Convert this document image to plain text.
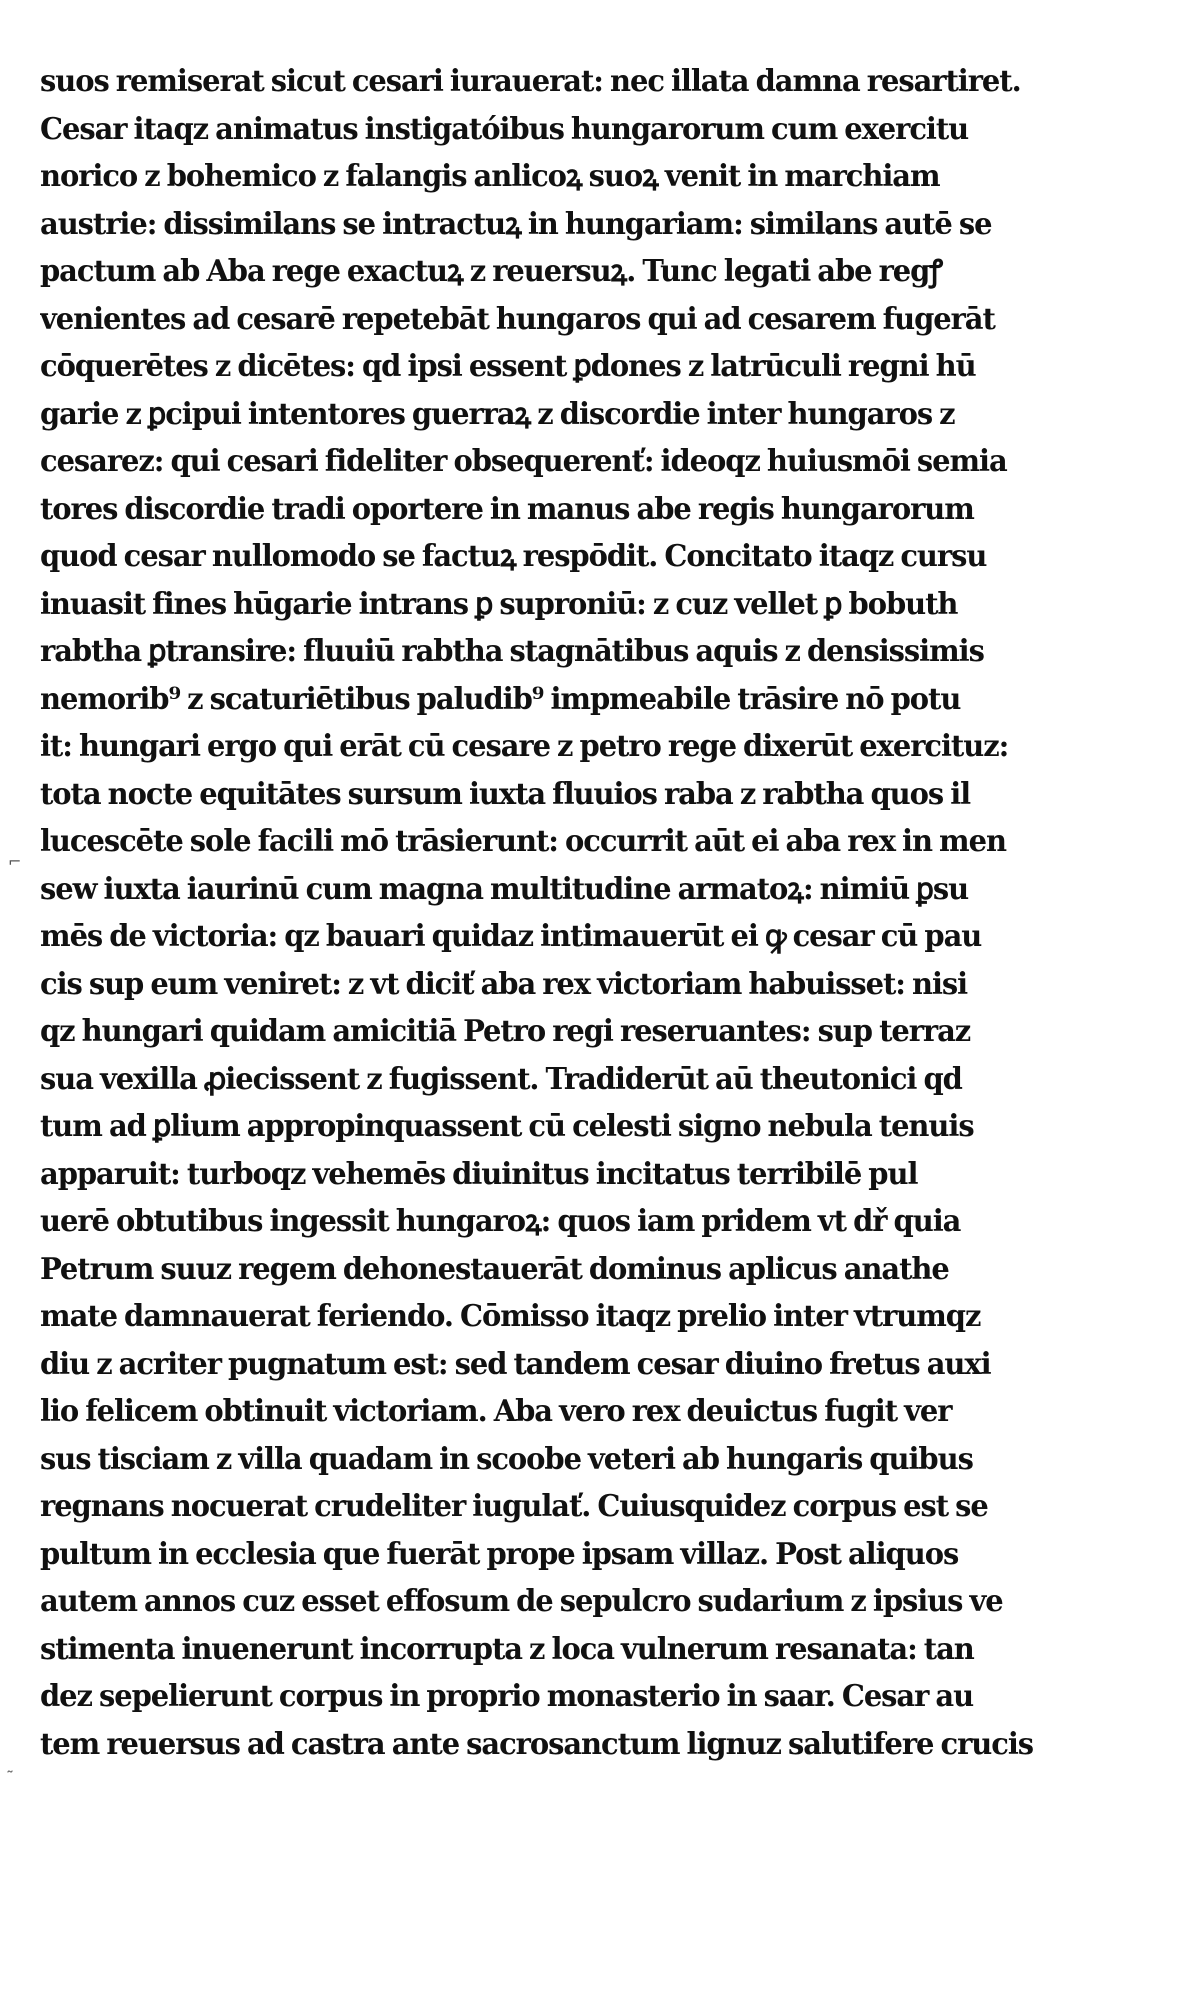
suos remiserat sicut cesari iurauerat: nec illata damna resartiret.
Cesar itaqz animatus instigatóibus hungarorum cum exercitu
norico z bohemico z falangis anlicoꝝ suoꝝ venit in marchiam
austrie: dissimilans se intractuꝝ in hungariam: similans autē se
pactum ab Aba rege exactuꝝ z reuersuꝝ. Tunc legati abe regꝭ
venientes ad cesarē repetebāt hungaros qui ad cesarem fugerāt
cōquerētes z dicētes: qd ipsi essent ꝑdones z latrūculi regni hū
garie z ꝑcipui intentores guerraꝝ z discordie inter hungaros z
cesarez: qui cesari fideliter obsequerenť: ideoqz huiusmōi semia
tores discordie tradi oportere in manus abe regis hungarorum
quod cesar nullomodo se factuꝝ respōdit. Concitato itaqz cursu
inuasit fines hūgarie intrans ꝑ suproniū: z cuz vellet ꝑ bobuth
rabtha ꝑtransire: fluuiū rabtha stagnātibus aquis z densissimis
nemorib⁹ z scaturiētibus paludib⁹ impmeabile trāsire nō potu
it: hungari ergo qui erāt cū cesare z petro rege dixerūt exercituz:
tota nocte equitātes sursum iuxta fluuios raba z rabtha quos il
lucescēte sole facili mō trāsierunt: occurrit aūt ei aba rex in men
sew iuxta iaurinū cum magna multitudine armatoꝝ: nimiū ꝑsu
mēs de victoria: qz bauari quidaz intimauerūt ei ꝙ cesar cū pau
cis sup eum veniret: z vt diciť aba rex victoriam habuisset: nisi
qz hungari quidam amicitiā Petro regi reseruantes: sup terraz
sua vexilla ꝓiecissent z fugissent. Tradiderūt aū theutonici qd
tum ad ꝑlium appropinquassent cū celesti signo nebula tenuis
apparuit: turboqz vehemēs diuinitus incitatus terribilē pul
uerē obtutibus ingessit hungaroꝝ: quos iam pridem vt dř quia
Petrum suuz regem dehonestauerāt dominus aplicus anathe
mate damnauerat feriendo. Cōmisso itaqz prelio inter vtrumqz
diu z acriter pugnatum est: sed tandem cesar diuino fretus auxi
lio felicem obtinuit victoriam. Aba vero rex deuictus fugit ver
sus tisciam z villa quadam in scoobe veteri ab hungaris quibus
regnans nocuerat crudeliter iugulať. Cuiusquidez corpus est se
pultum in ecclesia que fuerāt prope ipsam villaz. Post aliquos
autem annos cuz esset effosum de sepulcro sudarium z ipsius ve
stimenta inuenerunt incorrupta z loca vulnerum resanata: tan
dez sepelierunt corpus in proprio monasterio in saar. Cesar au
tem reuersus ad castra ante sacrosanctum lignuz salutifere crucis
⌐
˜
